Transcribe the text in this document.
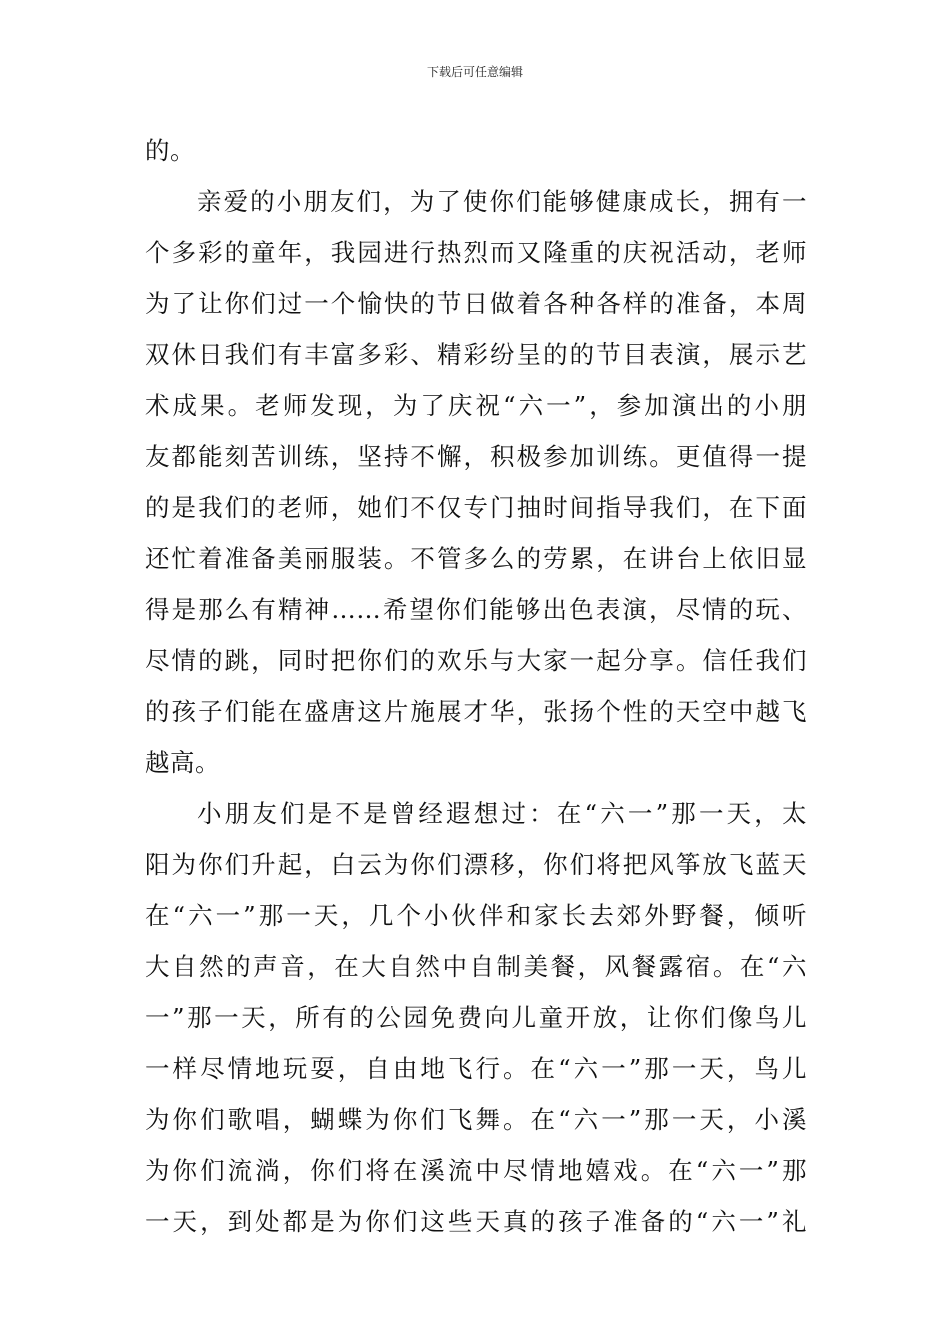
下载后可任意编辑
的。
亲爱的小朋友们，为了使你们能够健康成长，拥有一
个多彩的童年，我园进行热烈而又隆重的庆祝活动，老师
为了让你们过一个愉快的节日做着各种各样的准备，本周
双休日我们有丰富多彩、精彩纷呈的的节目表演，展示艺
术成果。老师发现，为了庆祝“六一”，参加演出的小朋
友都能刻苦训练，坚持不懈，积极参加训练。更值得一提
的是我们的老师，她们不仅专门抽时间指导我们，在下面
还忙着准备美丽服装。不管多么的劳累，在讲台上依旧显
得是那么有精神……希望你们能够出色表演，尽情的玩、
尽情的跳，同时把你们的欢乐与大家一起分享。信任我们
的孩子们能在盛唐这片施展才华，张扬个性的天空中越飞
越高。
小朋友们是不是曾经遐想过：在“六一”那一天，太
阳为你们升起，白云为你们漂移，你们将把风筝放飞蓝天
在“六一”那一天，几个小伙伴和家长去郊外野餐，倾听
大自然的声音，在大自然中自制美餐，风餐露宿。在“六
一”那一天，所有的公园免费向儿童开放，让你们像鸟儿
一样尽情地玩耍，自由地飞行。在“六一”那一天，鸟儿
为你们歌唱，蝴蝶为你们飞舞。在“六一”那一天，小溪
为你们流淌，你们将在溪流中尽情地嬉戏。在“六一”那
一天，到处都是为你们这些天真的孩子准备的“六一”礼
